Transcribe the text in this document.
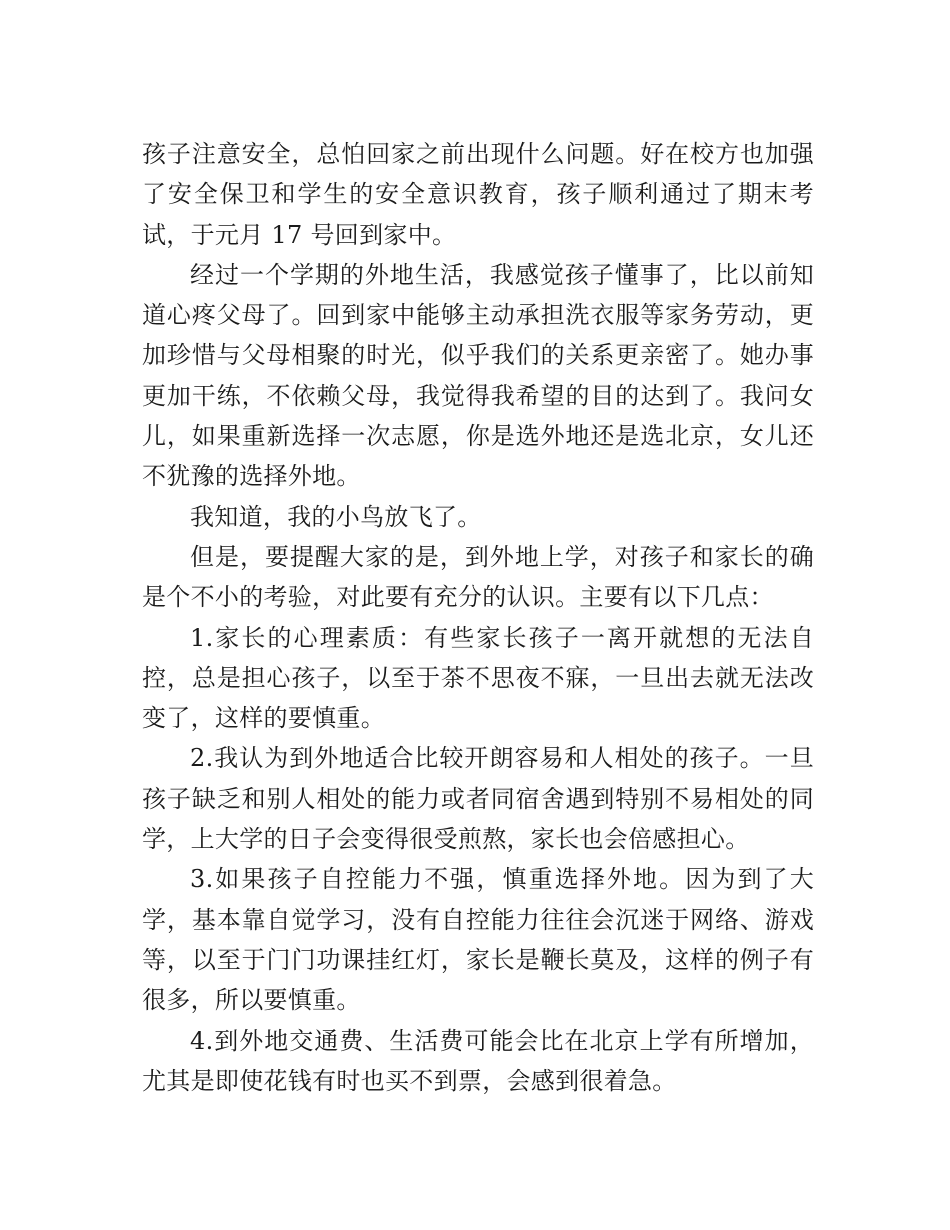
孩子注意安全，总怕回家之前出现什么问题。好在校方也加强了安全保卫和学生的安全意识教育，孩子顺利通过了期末考试，于元月 17 号回到家中。

经过一个学期的外地生活，我感觉孩子懂事了，比以前知道心疼父母了。回到家中能够主动承担洗衣服等家务劳动，更加珍惜与父母相聚的时光，似乎我们的关系更亲密了。她办事更加干练，不依赖父母，我觉得我希望的目的达到了。我问女儿，如果重新选择一次志愿，你是选外地还是选北京，女儿还不犹豫的选择外地。

我知道，我的小鸟放飞了。

但是，要提醒大家的是，到外地上学，对孩子和家长的确是个不小的考验，对此要有充分的认识。主要有以下几点：

1.家长的心理素质：有些家长孩子一离开就想的无法自控，总是担心孩子，以至于茶不思夜不寐，一旦出去就无法改变了，这样的要慎重。

2.我认为到外地适合比较开朗容易和人相处的孩子。一旦孩子缺乏和别人相处的能力或者同宿舍遇到特别不易相处的同学，上大学的日子会变得很受煎熬，家长也会倍感担心。

3.如果孩子自控能力不强，慎重选择外地。因为到了大学，基本靠自觉学习，没有自控能力往往会沉迷于网络、游戏等，以至于门门功课挂红灯，家长是鞭长莫及，这样的例子有很多，所以要慎重。

4.到外地交通费、生活费可能会比在北京上学有所增加，尤其是即使花钱有时也买不到票，会感到很着急。
